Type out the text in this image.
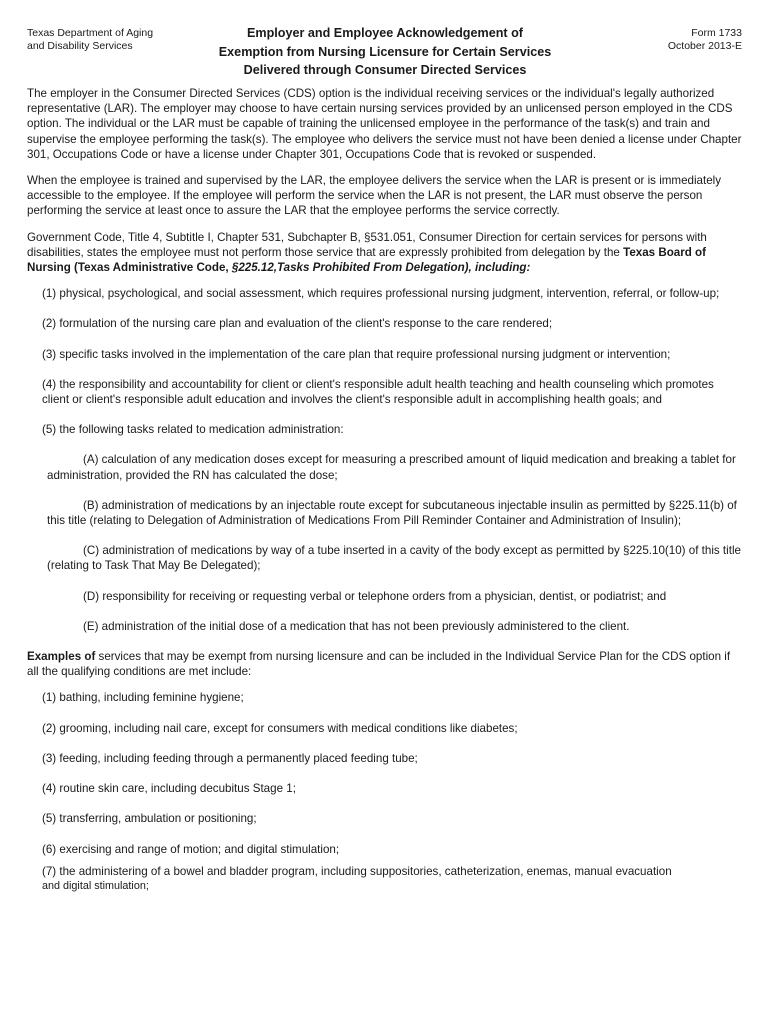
Texas Department of Aging
and Disability Services
Employer and Employee Acknowledgement of
Exemption from Nursing Licensure for Certain Services
Delivered through Consumer Directed Services
Form 1733
October 2013-E

The employer in the Consumer Directed Services (CDS) option is the individual receiving services or the individual's legally authorized representative (LAR). The employer may choose to have certain nursing services provided by an unlicensed person employed in the CDS option. The individual or the LAR must be capable of training the unlicensed employee in the performance of the task(s) and train and supervise the employee performing the task(s). The employee who delivers the service must not have been denied a license under Chapter 301, Occupations Code or have a license under Chapter 301, Occupations Code that is revoked or suspended.

When the employee is trained and supervised by the LAR, the employee delivers the service when the LAR is present or is immediately accessible to the employee. If the employee will perform the service when the LAR is not present, the LAR must observe the person performing the service at least once to assure the LAR that the employee performs the service correctly.

Government Code, Title 4, Subtitle I, Chapter 531, Subchapter B, §531.051, Consumer Direction for certain services for persons with disabilities, states the employee must not perform those service that are expressly prohibited from delegation by the Texas Board of Nursing (Texas Administrative Code, §225.12,Tasks Prohibited From Delegation), including:

(1) physical, psychological, and social assessment, which requires professional nursing judgment, intervention, referral, or follow-up;
(2) formulation of the nursing care plan and evaluation of the client's response to the care rendered;
(3) specific tasks involved in the implementation of the care plan that require professional nursing judgment or intervention;
(4) the responsibility and accountability for client or client's responsible adult health teaching and health counseling which promotes client or client's responsible adult education and involves the client's responsible adult in accomplishing health goals; and
(5) the following tasks related to medication administration:
(A) calculation of any medication doses except for measuring a prescribed amount of liquid medication and breaking a tablet for administration, provided the RN has calculated the dose;
(B) administration of medications by an injectable route except for subcutaneous injectable insulin as permitted by §225.11(b) of this title (relating to Delegation of Administration of Medications From Pill Reminder Container and Administration of Insulin);
(C) administration of medications by way of a tube inserted in a cavity of the body except as permitted by §225.10(10) of this title (relating to Task That May Be Delegated);
(D) responsibility for receiving or requesting verbal or telephone orders from a physician, dentist, or podiatrist; and
(E) administration of the initial dose of a medication that has not been previously administered to the client.

Examples of services that may be exempt from nursing licensure and can be included in the Individual Service Plan for the CDS option if all the qualifying conditions are met include:

(1) bathing, including feminine hygiene;
(2) grooming, including nail care, except for consumers with medical conditions like diabetes;
(3) feeding, including feeding through a permanently placed feeding tube;
(4) routine skin care, including decubitus Stage 1;
(5) transferring, ambulation or positioning;
(6) exercising and range of motion; and digital stimulation;
(7) the administering of a bowel and bladder program, including suppositories, catheterization, enemas, manual evacuation
and digital stimulation;
